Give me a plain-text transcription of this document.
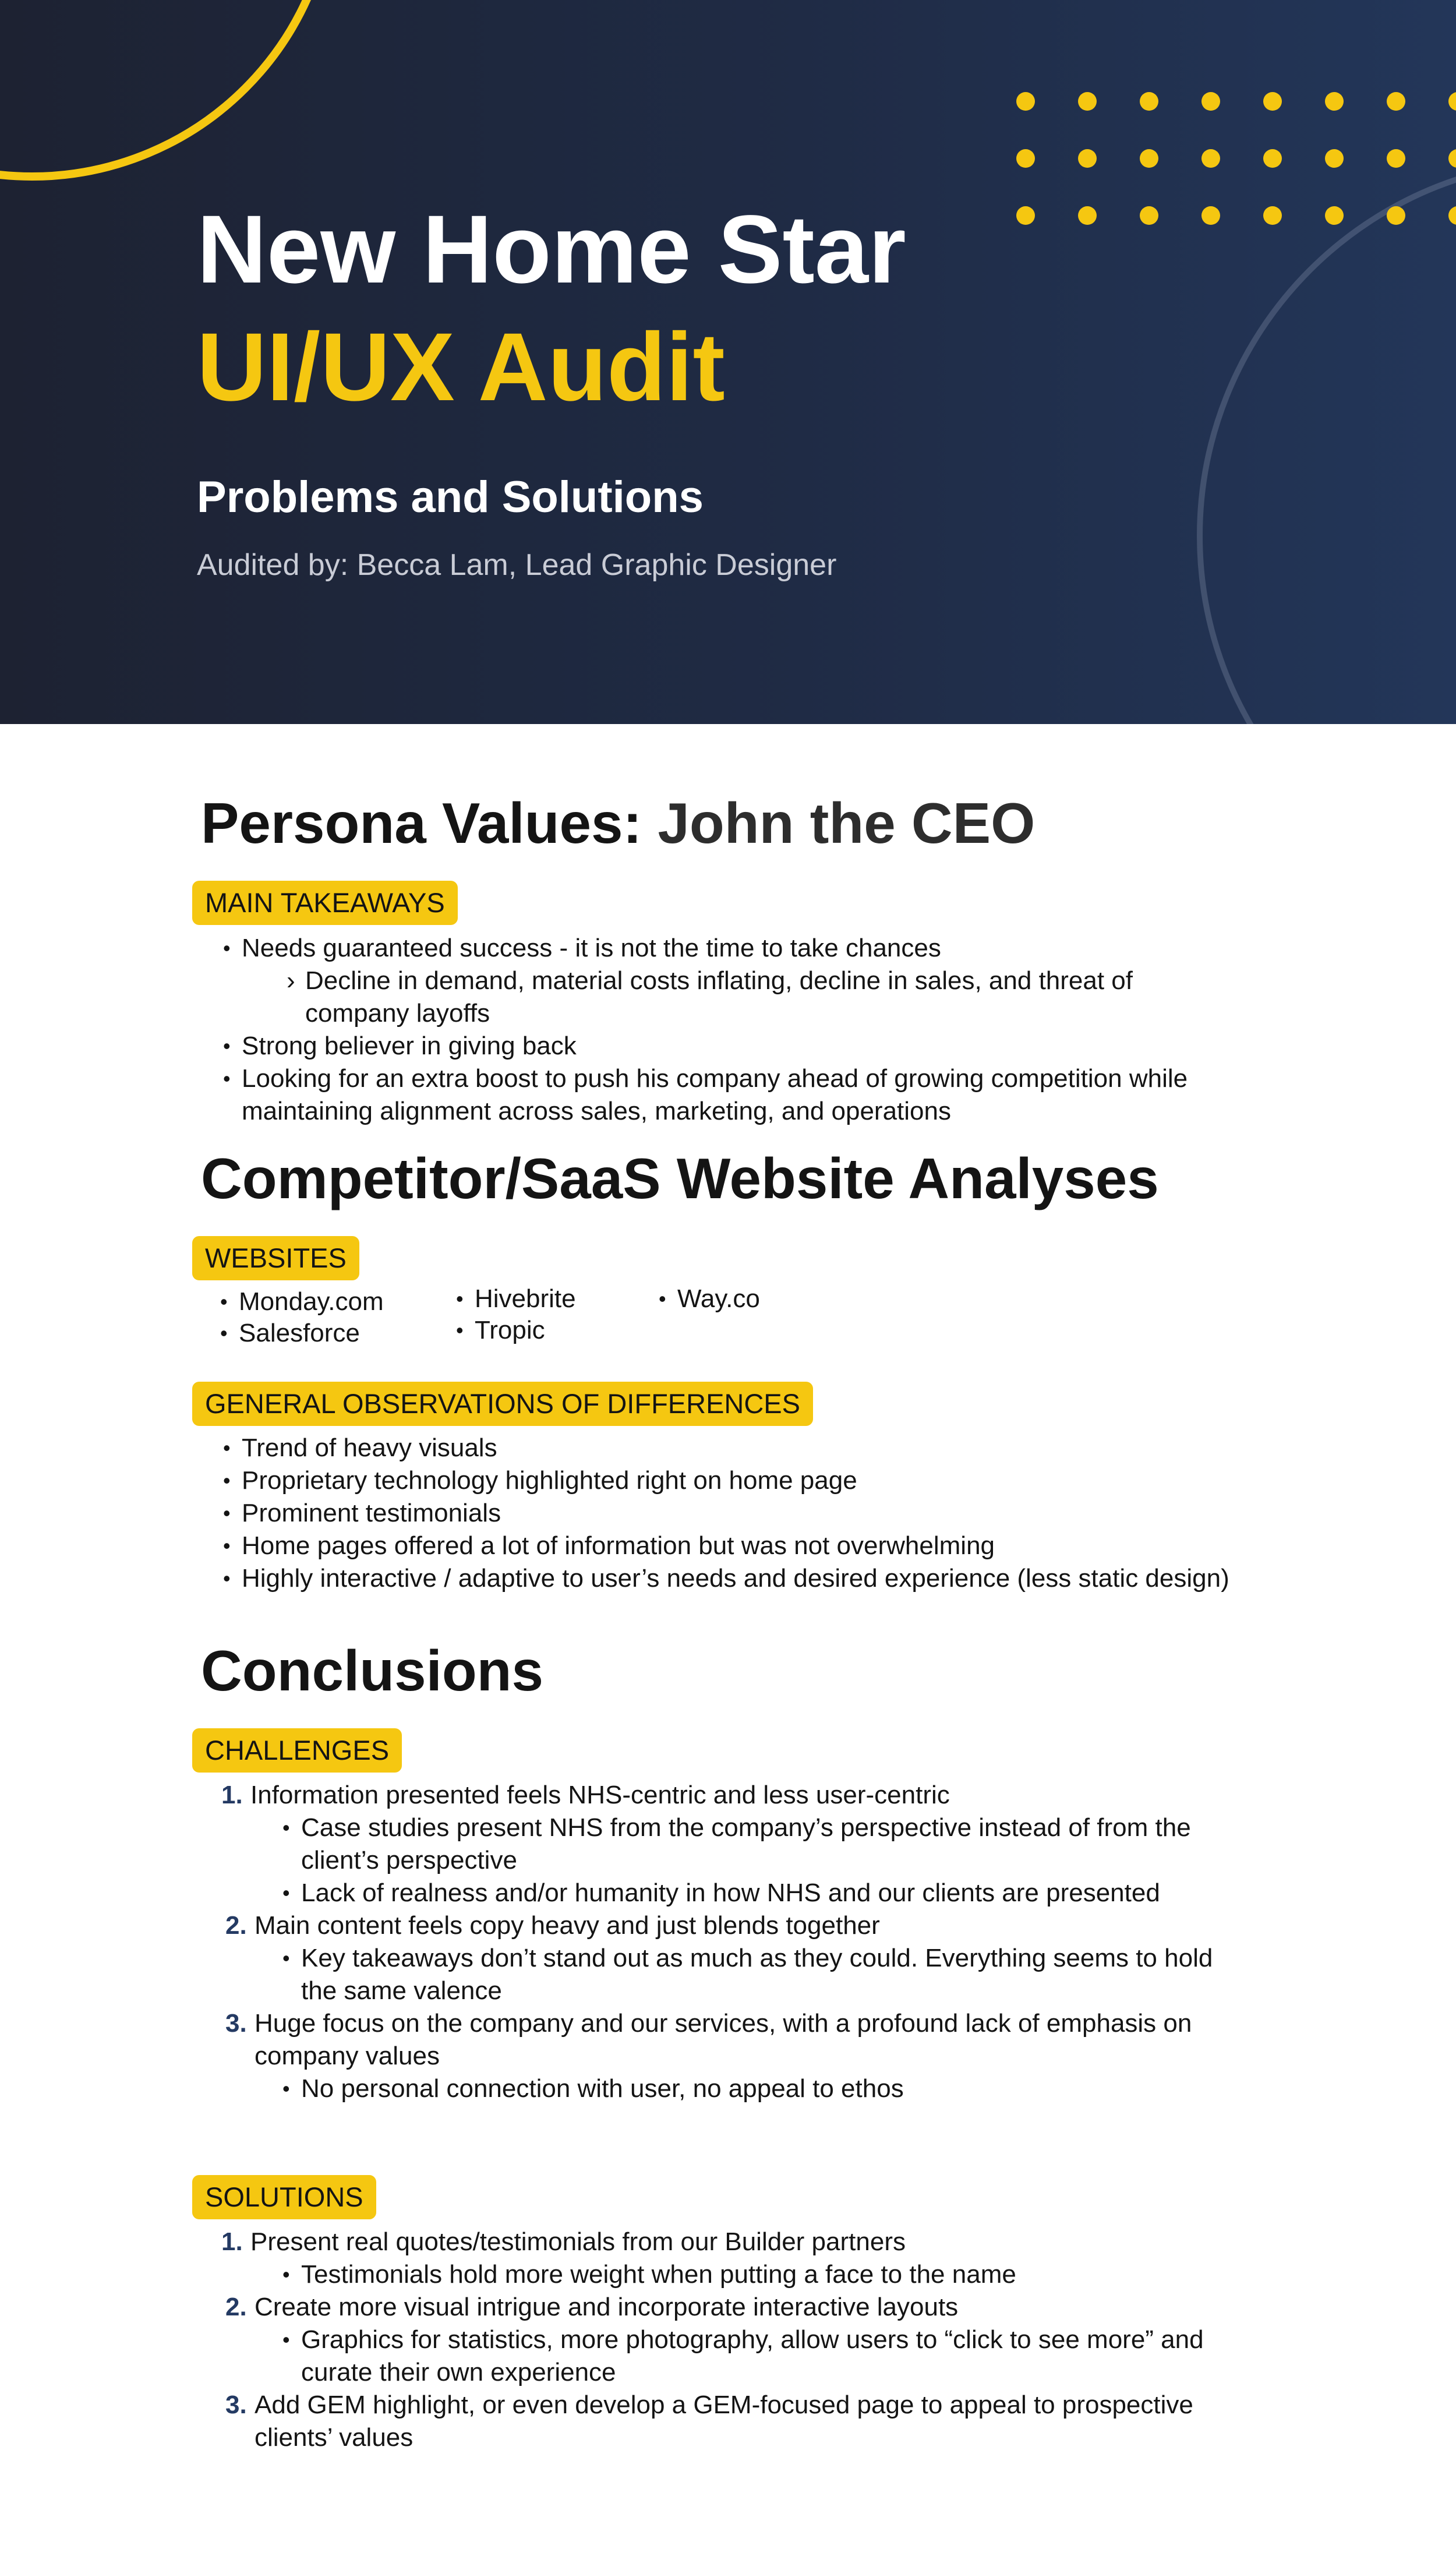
New Home Star
UI/UX Audit

Problems and Solutions

Audited by: Becca Lam, Lead Graphic Designer

Persona Values: John the CEO
MAIN TAKEAWAYS

• Needs guaranteed success - it is not the time to take chances

› Decline in demand, material costs inflating, decline in sales, and threat of

company layoffs

• Strong believer in giving back

• Looking for an extra boost to push his company ahead of growing competition while

maintaining alignment across sales, marketing, and operations

Competitor/SaaS Website Analyses
WEBSITES

• Monday.com

• Salesforce

• Hivebrite

• Tropic

• Way.co

GENERAL OBSERVATIONS OF DIFFERENCES

• Trend of heavy visuals

• Proprietary technology highlighted right on home page

• Prominent testimonials

• Home pages offered a lot of information but was not overwhelming

• Highly interactive / adaptive to user’s needs and desired experience (less static design)

Conclusions
CHALLENGES

1. Information presented feels NHS-centric and less user-centric

• Case studies present NHS from the company’s perspective instead of from the

client’s perspective

• Lack of realness and/or humanity in how NHS and our clients are presented

2. Main content feels copy heavy and just blends together

• Key takeaways don’t stand out as much as they could. Everything seems to hold

the same valence

3. Huge focus on the company and our services, with a profound lack of emphasis on

company values

• No personal connection with user, no appeal to ethos

SOLUTIONS

1. Present real quotes/testimonials from our Builder partners

• Testimonials hold more weight when putting a face to the name

2. Create more visual intrigue and incorporate interactive layouts

• Graphics for statistics, more photography, allow users to “click to see more” and

curate their own experience

3. Add GEM highlight, or even develop a GEM-focused page to appeal to prospective

clients’ values
